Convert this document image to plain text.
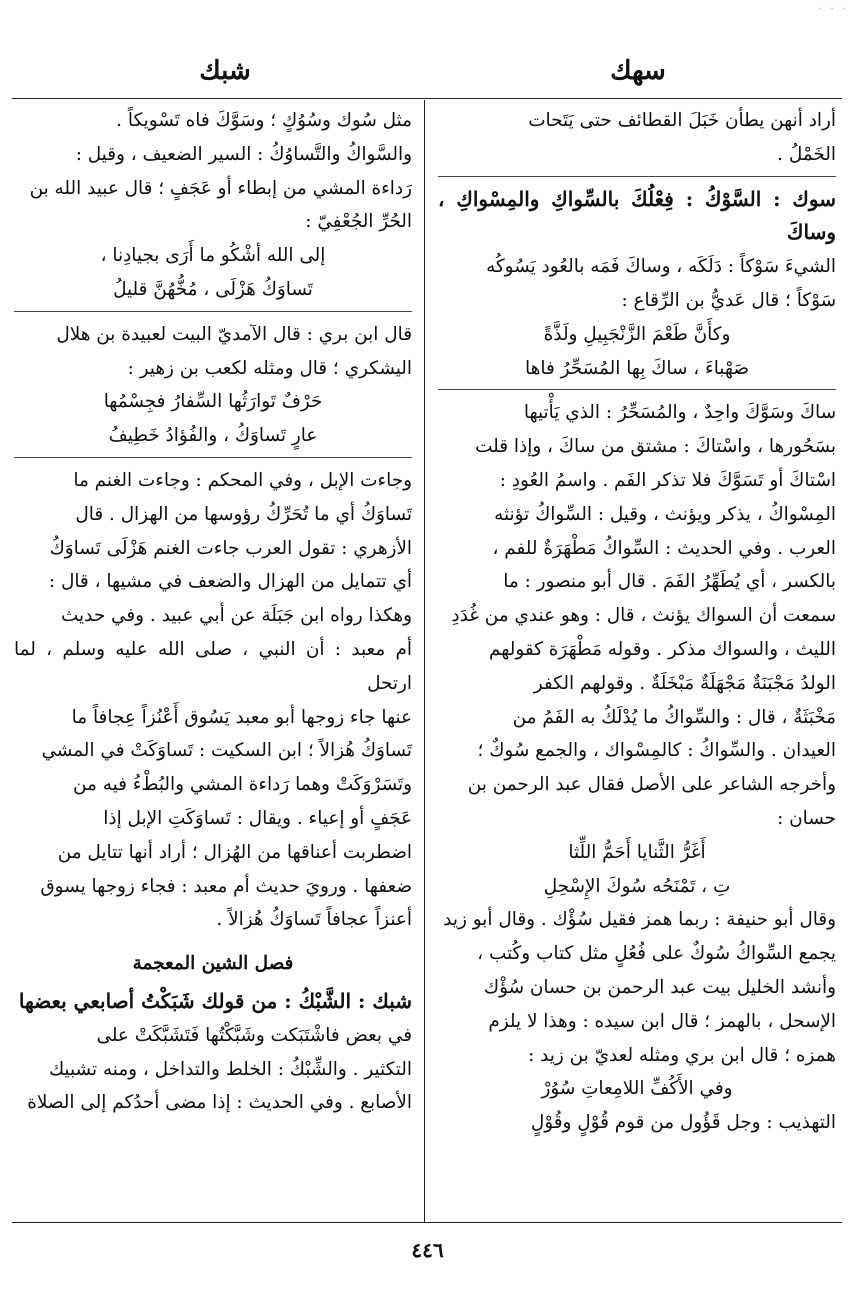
· · ·
سهك
شبك

أراد أنهن يطأن خَبَلَ القطائف حتى يَتَحات

الخَمْلُ .

سوك : السَّوْكُ : فِعْلُكَ بالسِّواكِ والمِسْواكِ ، وساكَ

الشيءَ سَوْكاً : دَلَكَه ، وساكَ فَمَه بالعُود يَسُوكُه

سَوْكاً ؛ قال عَديُّ بن الرِّقاع :

وكأَنَّ طَعْمَ الزَّنْجَبِيلِ ولَذَّةً

صَهْباءَ ، ساكَ بِها المُسَحِّرُ فاها

ساكَ وسَوَّكَ واحِدٌ ، والمُسَحِّرُ : الذي يَأْتيها

بسَحُورها ، واسْتاكَ : مشتق من ساكَ ، وإذا قلت

اسْتاكَ أو تَسَوَّكَ فلا تذكر الفَم . واسمُ العُودِ :

المِسْواكُ ، يذكر ويؤنث ، وقيل : السِّواكُ تؤنثه

العرب . وفي الحديث : السِّواكُ مَطْهَرَةٌ للفم ،

بالكسر ، أي يُطَهِّرُ الفَمَ . قال أبو منصور : ما

سمعت أن السواك يؤنث ، قال : وهو عندي من غُدَدِ

الليث ، والسواك مذكر . وقوله مَطْهَرَة كقولهم

الولدُ مَجْبَنَةٌ مَجْهَلَةٌ مَبْخَلَةٌ . وقولهم الكفر

مَخْبَثَةٌ ، قال : والسِّواكُ ما يُدْلَكُ به الفَمُ من

العيدان . والسِّواكُ : كالمِسْواك ، والجمع سُوكٌ ؛

وأخرجه الشاعر على الأصل فقال عبد الرحمن بن

حسان :

أَغَرُّ الثَّنايا أَحَمُّ اللِّثا

تِ ، تَمْنَحُه سُوكَ الإِسْحِلِ

وقال أبو حنيفة : ربما همز فقيل سُؤْك . وقال أبو زيد

يجمع السِّواكُ سُوكٌ على فُعُلٍ مثل كتاب وكُتب ،

وأنشد الخليل بيت عبد الرحمن بن حسان سُؤْك

الإسحل ، بالهمز ؛ قال ابن سيده : وهذا لا يلزم

همزه ؛ قال ابن بري ومثله لعديّ بن زيد :

وفي الأَكُفِّ اللامِعاتِ سُوُرْ

التهذيب : وجل قَؤُول من قوم قُوْلٍ وقُوْلٍ

مثل سُوك وسُوُكٍ ؛ وسَوَّكَ فاه تَسْويكاً .

والسَّواكُ والتَّساوُكُ : السير الضعيف ، وقيل :

رَداءة المشي من إبطاء أو عَجَفٍ ؛ قال عبيد الله بن

الحُرِّ الجُعْفِيّ :

إلى الله أشْكُو ما أَرَى بجيادِنا ،

تَساوَكُ هَزْلَى ، مُخُّهُنَّ قليلُ

قال ابن بري : قال الآمديّ البيت لعبيدة بن هلال

اليشكري ؛ قال ومثله لكعب بن زهير :

حَرْفٌ تَوارَثُها السِّفارُ فجِسْمُها

عارٍ تَساوَكُ ، والفُؤادُ خَطِيفُ

وجاءت الإبل ، وفي المحكم : وجاءت الغنم ما

تَساوَكُ أي ما تُحَرِّكُ رؤوسها من الهزال . قال

الأزهري : تقول العرب جاءت الغنم هَزْلَى تَساوَكُ

أي تتمايل من الهزال والضعف في مشيها ، قال :

وهكذا رواه ابن جَبَلَة عن أبي عبيد . وفي حديث

أم معبد : أن النبي ، صلى الله عليه وسلم ، لما ارتحل

عنها جاء زوجها أبو معبد يَسُوق أَعْنُزاً عِجافاً ما

تَساوَكُ هُزالاً ؛ ابن السكيت : تَساوَكَتْ في المشي

وتَسَرْوَكَتْ وهما رَداءة المشي والبُطْءُ فيه من

عَجَفٍ أو إعياء . ويقال : تَساوَكَتِ الإبل إذا

اضطربت أعناقها من الهُزال ؛ أراد أنها تتايل من

ضعفها . ورويَ حديث أم معبد : فجاء زوجها يسوق

أعنزاً عجافاً تَساوَكُ هُزالاً .

فصل الشين المعجمة

شبك : الشَّبْكُ : من قولك شَبَكْتُ أصابعي بعضها

في بعض فاشْتَبَكت وشَبَّكْتُها فَتَشَبَّكَتْ على

التكثير . والشِّبْكُ : الخلط والتداخل ، ومنه تشبيك

الأصابع . وفي الحديث : إذا مضى أحدُكم إلى الصلاة

٤٤٦
